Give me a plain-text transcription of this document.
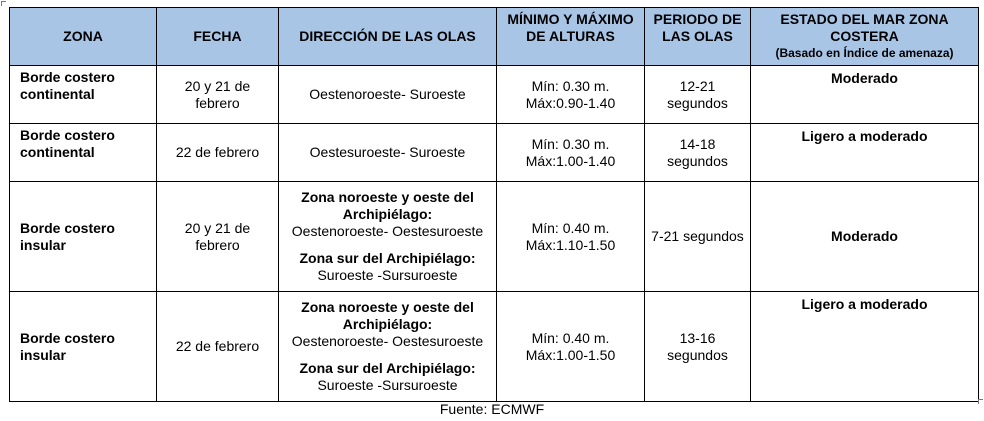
ZONA	FECHA	DIRECCIÓN DE LAS OLAS	MÍNIMO Y MÁXIMO DE ALTURAS	PERIODO DE LAS OLAS	ESTADO DEL MAR ZONA COSTERA
(Basado en Índice de amenaza)

Borde costero continental	20 y 21 de febrero	Oestenoroeste- Suroeste	Mín: 0.30 m.
Máx:0.90-1.40	12-21 segundos	Moderado
Borde costero continental	22 de febrero	Oestesuroeste- Suroeste	Mín: 0.30 m.
Máx:1.00-1.40	14-18 segundos	Ligero a moderado
Borde costero insular	20 y 21 de febrero	Zona noroeste y oeste del Archipiélago:
Oestenoroeste- Oestesuroeste
Zona sur del Archipiélago:
Suroeste -Sursuroeste	Mín: 0.40 m.
Máx:1.10-1.50	7-21 segundos	Moderado
Borde costero insular	22 de febrero	Zona noroeste y oeste del Archipiélago:
Oestenoroeste- Oestesuroeste
Zona sur del Archipiélago:
Suroeste -Sursuroeste	Mín: 0.40 m.
Máx:1.00-1.50	13-16 segundos	Ligero a moderado
Fuente: ECMWF
